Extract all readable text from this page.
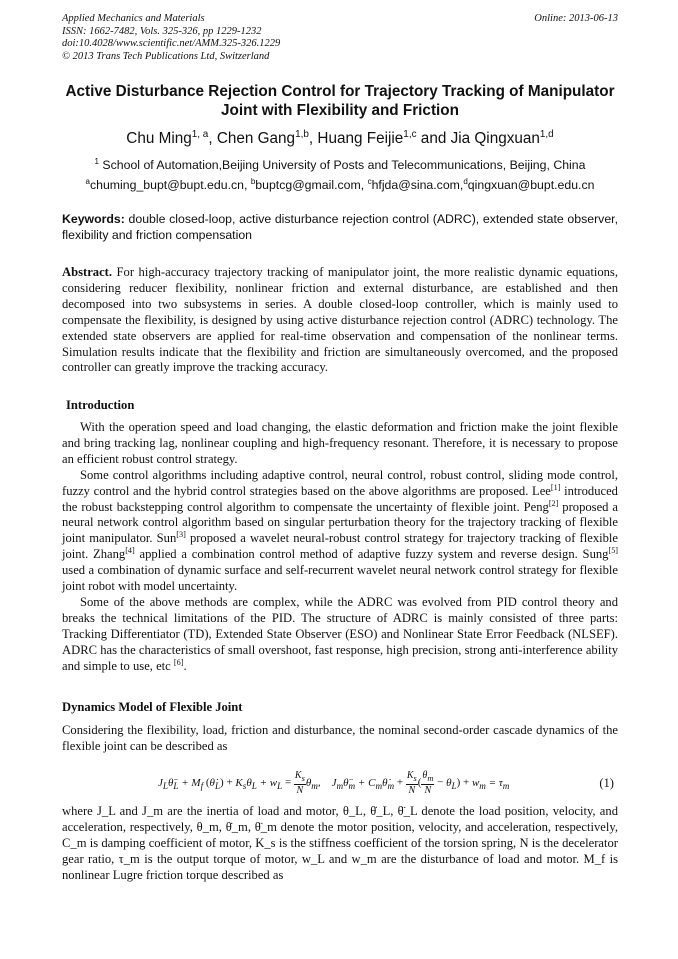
Applied Mechanics and Materials
ISSN: 1662-7482, Vols. 325-326, pp 1229-1232
doi:10.4028/www.scientific.net/AMM.325-326.1229
© 2013 Trans Tech Publications Ltd, Switzerland
Online: 2013-06-13
Active Disturbance Rejection Control for Trajectory Tracking of Manipulator Joint with Flexibility and Friction
Chu Ming$^{1, a}$, Chen Gang$^{1,b}$, Huang Feijie$^{1,c}$ and Jia Qingxuan$^{1,d}$
$^1$ School of Automation,Beijing University of Posts and Telecommunications, Beijing, China
$^a$chuming_bupt@bupt.edu.cn, $^b$buptcg@gmail.com, $^c$hfjda@sina.com,$^d$qingxuan@bupt.edu.cn
Keywords: double closed-loop, active disturbance rejection control (ADRC), extended state observer, flexibility and friction compensation

Abstract. For high-accuracy trajectory tracking of manipulator joint, the more realistic dynamic equations, considering reducer flexibility, nonlinear friction and external disturbance, are established and then decomposed into two subsystems in series. A double closed-loop controller, which is mainly used to compensate the flexibility, is designed by using active disturbance rejection control (ADRC) technology. The extended state observers are applied for real-time observation and compensation of the nonlinear terms. Simulation results indicate that the flexibility and friction are simultaneously overcomed, and the proposed controller can greatly improve the tracking accuracy.

Introduction

With the operation speed and load changing, the elastic deformation and friction make the joint flexible and bring tracking lag, nonlinear coupling and high-frequency resonant. Therefore, it is necessary to propose an efficient robust control strategy.

Some control algorithms including adaptive control, neural control, robust control, sliding mode control, fuzzy control and the hybrid control strategies based on the above algorithms are proposed. Lee[1] introduced the robust backstepping control algorithm to compensate the uncertainty of flexible joint. Peng[2] proposed a neural network control algorithm based on singular perturbation theory for the trajectory tracking of flexible joint manipulator. Sun[3] proposed a wavelet neural-robust control strategy for trajectory tracking of flexible joint. Zhang[4] applied a combination control method of adaptive fuzzy system and reverse design. Sung[5] used a combination of dynamic surface and self-recurrent wavelet neural network control strategy for flexible joint robot with model uncertainty.

Some of the above methods are complex, while the ADRC was evolved from PID control theory and breaks the technical limitations of the PID. The structure of ADRC is mainly consisted of three parts: Tracking Differentiator (TD), Extended State Observer (ESO) and Nonlinear State Error Feedback (NLSEF). ADRC has the characteristics of small overshoot, fast response, high precision, strong anti-interference ability and simple to use, etc [6].

Dynamics Model of Flexible Joint

Considering the flexibility, load, friction and disturbance, the nominal second-order cascade dynamics of the flexible joint can be described as

$J_L\thetä_L + M_f$ $(\thetȧ_L) + K_s\theta_L + w_L = \frac{K_s}{N} \theta_m$,    $J_m\thetä_m$ + $C_m\thetȧ_m + \frac{K_s}{N}$ ( $\frac{\theta_m}{N} - \theta_L) + w_m = \tau_m$	(1)

where J_L and J_m are the inertia of load and motor, θ_L, θ̇_L, θ̈_L denote the load position, velocity, and acceleration, respectively, θ_m, θ̇_m, θ̈_m denote the motor position, velocity, and acceleration, respectively, C_m is damping coefficient of motor, K_s is the stiffness coefficient of the torsion spring, N is the decelerator gear ratio, τ_m is the output torque of motor, w_L and w_m are the disturbance of load and motor. M_f is nonlinear Lugre friction torque described as
